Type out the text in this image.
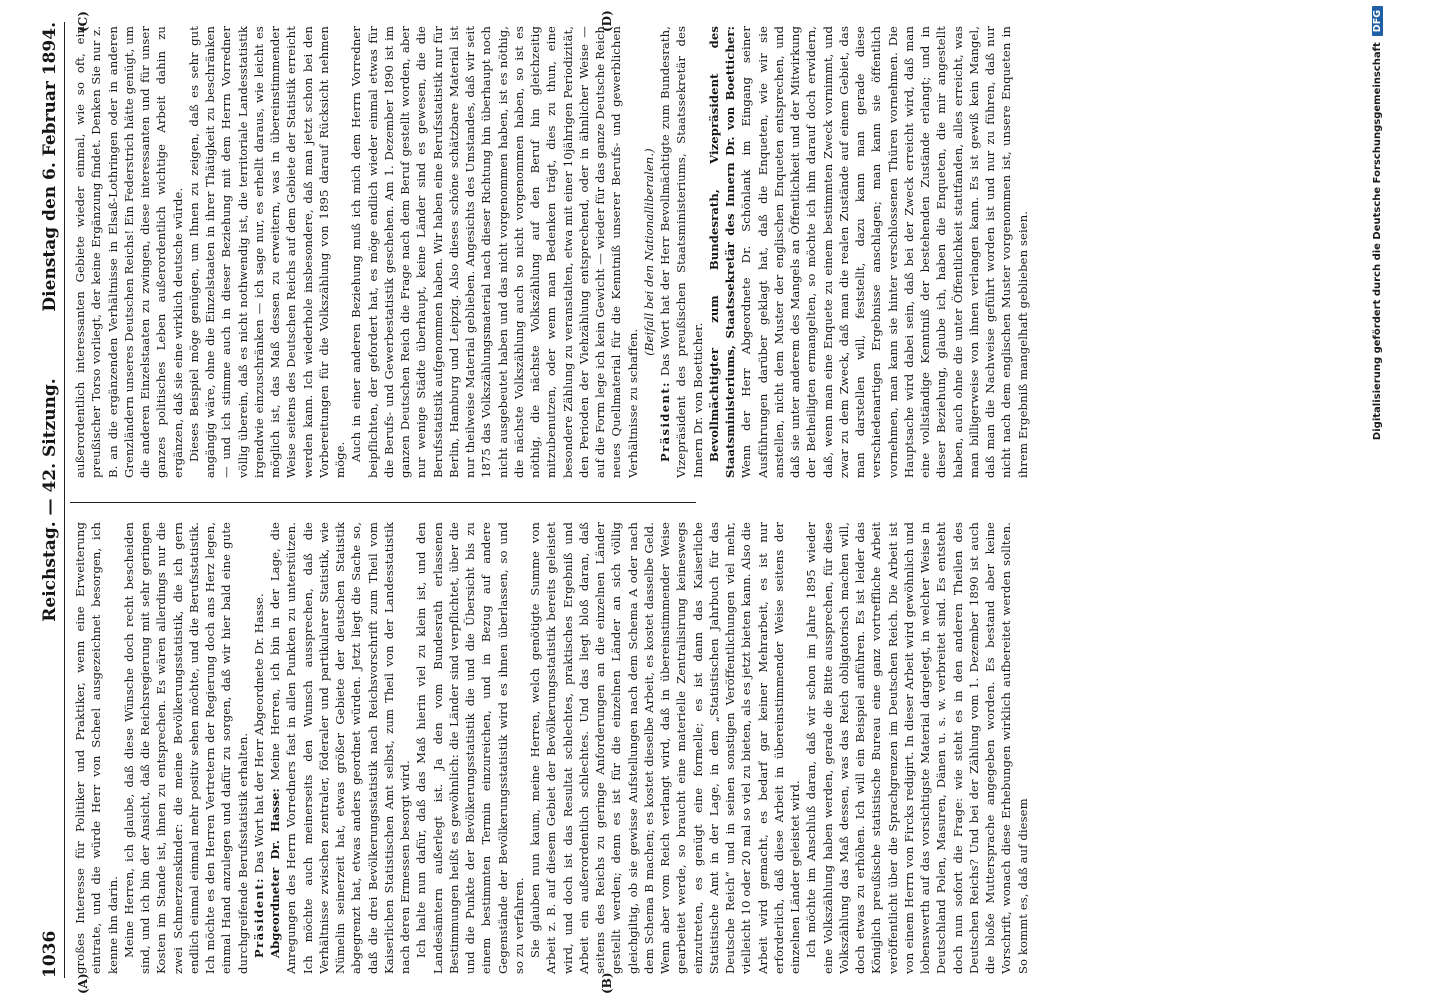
1036
Reichstag. — 42. Sitzung.
Dienstag den 6. Februar 1894.
(A)	(B)
(C)	(D)

großes Interesse für Politiker und Praktiker, wenn eine Erweiterung eintrate, und die würde Herr von Scheel ausgezeichnet besorgen, ich kenne ihn darin. Meine Herren, ich glaube, daß diese Wünsche doch recht bescheiden sind, und ich bin der Ansicht, daß die Reichsregierung mit sehr geringen Kosten im Stande ist, ihnen zu entsprechen. Es wären allerdings nur die zwei Schmerzenskinder: die meine Bevölkerungsstatistik, die ich gern endlich einmal einmal mehr positiv sehen möchte, und die Berufsstatistik. Ich möchte es den Herren Vertretern der Regierung doch ans Herz legen, einmal Hand anzulegen und dafür zu sorgen, daß wir hier bald eine gute durchgreifende Berufsstatistik erhalten. Präsident: Das Wort hat der Herr Abgeordnete Dr. Hasse. Abgeordneter Dr. Hasse: Meine Herren, ich bin in der Lage, die Anregungen des Herrn Vorredners fast in allen Punkten zu unterstützen. Ich möchte auch meinerseits den Wunsch aussprechen, daß die Verhältnisse zwischen zentraler, föderaler und partikularer Statistik, wie Nümelin seinerzeit hat, etwas größer Gebiete der deutschen Statistik abgegrenzt hat, etwas anders geordnet würden. Jetzt liegt die Sache so, daß die drei Bevölkerungsstatistik nach Reichsvorschrift zum Theil vom Kaiserlichen Statistischen Amt selbst, zum Theil von der Landesstatistik nach deren Ermessen besorgt wird. Ich halte nun dafür, daß das Maß hierin viel zu klein ist, und den Landesämtern außerlegt ist. Ja den vom Bundesrath erlassenen Bestimmungen heißt es gewöhnlich: die Länder sind verpflichtet, über die und die Punkte der Bevölkerungsstatistik die und die Übersicht bis zu einem bestimmten Termin einzureichen, und in Bezug auf andere Gegenstände der Bevölkerungsstatistik wird es ihnen überlassen, so und so zu verfahren. Sie glauben nun kaum, meine Herren, welch genötigte Summe von Arbeit z. B. auf diesem Gebiet der Bevölkerungsstatistik bereits geleistet wird, und doch ist das Resultat schlechtes, praktisches Ergebniß und Arbeit ein außerordentlich schlechtes. Und das liegt bloß daran, daß seitens des Reichs zu geringe Anforderungen an die einzelnen Länder gestellt werden; denn es ist für die einzelnen Länder an sich völlig gleichgiltig, ob sie gewisse Aufstellungen nach dem Schema A oder nach dem Schema B machen; es kostet dieselbe Arbeit, es kostet dasselbe Geld. Wenn aber vom Reich verlangt wird, daß in übereinstimmender Weise gearbeitet werde, so braucht eine materielle Zentralisirung keineswegs einzutreten, es genügt eine formelle; es ist dann das Kaiserliche Statistische Amt in der Lage, in dem „Statistischen Jahrbuch für das Deutsche Reich“ und in seinen sonstigen Veröffentlichungen viel mehr, vielleicht 10 oder 20 mal so viel zu bieten, als es jetzt bieten kann. Also die Arbeit wird gemacht, es bedarf gar keiner Mehrarbeit, es ist nur erforderlich, daß diese Arbeit in übereinstimmender Weise seitens der einzelnen Länder geleistet wird. Ich möchte im Anschluß daran, daß wir schon im Jahre 1895 wieder eine Volkszählung haben werden, gerade die Bitte aussprechen, für diese Volkszählung das Maß dessen, was das Reich obligatorisch machen will, doch etwas zu erhöhen. Ich will ein Beispiel anführen. Es ist leider das Königlich preußische statistische Bureau eine ganz vortreffliche Arbeit veröffentlicht über die Sprachgrenzen im Deutschen Reich. Die Arbeit ist von einem Herrn von Fircks redigirt. In dieser Arbeit wird gewöhnlich und lobenswerth auf das vorsichtigste Material dargelegt, in welcher Weise in Deutschland Polen, Masuren, Dänen u. s. w. verbreitet sind. Es entsteht doch nun sofort die Frage: wie steht es in den anderen Theilen des Deutschen Reichs? Und bei der Zählung vom 1. Dezember 1890 ist auch die bloße Muttersprache angegeben worden. Es bestand aber keine Vorschrift, wonach diese Erhebungen wirklich aufbereitet werden sollten. So kommt es, daß auf diesem

außerordentlich interessanten Gebiete wieder einmal, wie so oft, ein preußischer Torso vorliegt, der keine Ergänzung findet. Denken Sie nur z. B. an die ergänzenden Verhältnisse in Elsaß-Lothringen oder in anderen Grenzländern unseres Deutschen Reichs! Ein Federstrich hätte genügt, um die anderen Einzelstaaten zu zwingen, diese interessanten und für unser ganzes politisches Leben außerordentlich wichtige Arbeit dahin zu ergänzen, daß sie eine wirklich deutsche würde. Dieses Beispiel möge genügen, um Ihnen zu zeigen, daß es sehr gut angängig wäre, ohne die Einzelstaaten in ihrer Thätigkeit zu beschränken — und ich stimme auch in dieser Beziehung mit dem Herrn Vorredner völlig überein, daß es nicht nothwendig ist, die territoriale Landesstatistik irgendwie einzuschränken — ich sage nur, es erhellt daraus, wie leicht es möglich ist, das Maß dessen zu erweitern, was in übereinstimmender Weise seitens des Deutschen Reichs auf dem Gebiete der Statistik erreicht werden kann. Ich wiederhole insbesondere, daß man jetzt schon bei den Vorbereitungen für die Volkszählung von 1895 darauf Rücksicht nehmen möge. Auch in einer anderen Beziehung muß ich mich dem Herrn Vorredner beipflichten, der gefordert hat, es möge endlich wieder einmal etwas für die Berufs- und Gewerbestatistik geschehen. Am 1. Dezember 1890 ist im ganzen Deutschen Reich die Frage nach dem Beruf gestellt worden, aber nur wenige Städte überhaupt, keine Länder sind es gewesen, die die Berufsstatistik aufgenommen haben. Wir haben eine Berufsstatistik nur für Berlin, Hamburg und Leipzig. Also dieses schöne schätzbare Material ist nur theilweise Material geblieben. Angesichts des Umstandes, daß wir seit 1875 das Volkszählungsmaterial nach dieser Richtung hin überhaupt noch nicht ausgebeutet haben und das nicht vorgenommen haben, ist es nöthig, die nächste Volkszählung auch so nicht vorgenommen haben, so ist es nöthig, die nächste Volkszählung auf den Beruf hin gleichzeitig mitzubenutzen, oder wenn man Bedenken trägt, dies zu thun, eine besondere Zählung zu veranstalten, etwa mit einer 10jährigen Periodizität, den Perioden der Viehzählung entsprechend, oder in ähnlicher Weise — auf die Form lege ich kein Gewicht — wieder für das ganze Deutsche Reich neues Quellmaterial für die Kenntniß unserer Berufs- und gewerblichen Verhältnisse zu schaffen.

(Beifall bei den Nationalliberalen.)

Präsident: Das Wort hat der Herr Bevollmächtigte zum Bundesrath, Vizepräsident des preußischen Staatsministeriums, Staatssekretär des Innern Dr. von Boetticher. Bevollmächtigter zum Bundesrath, Vizepräsident des Staatsministeriums, Staatssekretär des Innern Dr. von Boetticher: Wenn der Herr Abgeordnete Dr. Schönlank im Eingang seiner Ausführungen darüber geklagt hat, daß die Enqueten, wie wir sie anstellen, nicht dem Muster der englischen Enqueten entsprechen, und daß sie unter anderem des Mangels an Öffentlichkeit und der Mitwirkung der Betheiligten ermangelten, so möchte ich ihm darauf doch erwidern, daß, wenn man eine Enquete zu einem bestimmten Zweck vornimmt, und zwar zu dem Zweck, daß man die realen Zustände auf einem Gebiet, das man darstellen will, feststellt, dazu kann man gerade diese verschiedenartigen Ergebnisse anschlagen; man kann sie öffentlich vornehmen, man kann sie hinter verschlossenen Thüren vornehmen. Die Hauptsache wird dabei sein, daß bei der Zweck erreicht wird, daß man eine vollständige Kenntniß der bestehenden Zustände erlangt; und in dieser Beziehung, glaube ich, haben die Enqueten, die mir angestellt haben, auch ohne die unter Öffentlichkeit stattfanden, alles erreicht, was man billigerweise von ihnen verlangen kann. Es ist gewiß kein Mangel, daß man die Nachweise geführt worden ist und nur zu führen, daß nur nicht nach dem englischen Muster vorgenommen ist, unsere Enqueten in ihrem Ergebniß mangelhaft geblieben seien.	Digitalisierung gefördert durch die Deutsche ForschungsgemeinschaftDFG
